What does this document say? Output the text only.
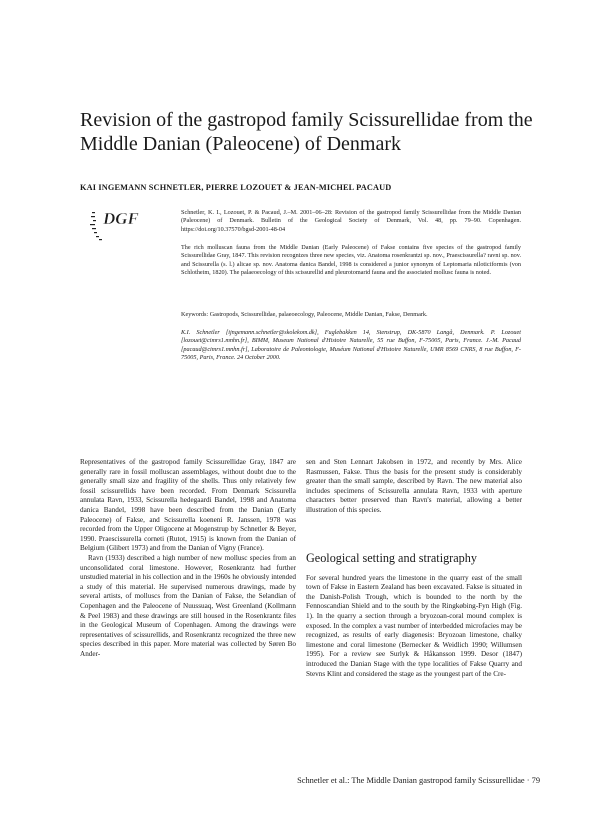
Revision of the gastropod family Scissurellidae from the Middle Danian (Paleocene) of Denmark
KAI INGEMANN SCHNETLER, PIERRE LOZOUET & JEAN-MICHEL PACAUD
DGF	Schnetler, K. I., Lozouet, P. & Pacaud, J.–M. 2001–06–28: Revision of the gastropod family Scissurellidae from the Middle Danian (Paleocene) of Denmark. Bulletin of the Geological Society of Denmark, Vol. 48, pp. 79–90. Copenhagen. https://doi.org/10.37570/bgsd-2001-48-04

The rich molluscan fauna from the Middle Danian (Early Paleocene) of Fakse contains five species of the gastropod family Scissurellidae Gray, 1847. This revision recognizes three new species, viz. Anatoma rosenkrantzi sp. nov., Praescissurella? ravni sp. nov. and Scissurella (s. l.) alicae sp. nov. Anatoma danica Bandel, 1998 is considered a junior synonym of Leptomaria niloticiformis (von Schlotheim, 1820). The palaeoecology of this scissurellid and pleurotomarid fauna and the associated mollusc fauna is noted.

Keywords: Gastropods, Scissurellidae, palaeoecology, Paleocene, Middle Danian, Fakse, Denmark.

K.I. Schnetler [ijngemann.schnetler@skolekom.dk], Fuglebakken 14, Stenstrup, DK-5870 Langå, Denmark. P. Lozouet [lozouet@cimrs1.mnhn.fr], BIMM, Museum National d'Histoire Naturelle, 55 rue Buffon, F-75005, Paris, France. J.-M. Pacaud [pacaud@cimrs1.mnhn.fr], Laboratoire de Paleontologie, Muséum National d'Histoire Naturelle, UMR 8569 CNRS, 8 rue Buffon, F-75005, Paris, France. 24 October 2000.

Representatives of the gastropod family Scissurellidae Gray, 1847 are generally rare in fossil molluscan assemblages, without doubt due to the generally small size and fragility of the shells. Thus only relatively few fossil scissurellids have been recorded. From Denmark Scissurella annulata Ravn, 1933, Scissurella hedegaardi Bandel, 1998 and Anatoma danica Bandel, 1998 have been described from the Danian (Early Paleocene) of Fakse, and Scissurella koeneni R. Janssen, 1978 was recorded from the Upper Oligocene at Mogenstrup by Schnetler & Beyer, 1990. Praescissurella corneti (Rutot, 1915) is known from the Danian of Belgium (Glibert 1973) and from the Danian of Vigny (France).

Ravn (1933) described a high number of new mollusc species from an unconsolidated coral limestone. However, Rosenkrantz had further unstudied material in his collection and in the 1960s he obviously intended a study of this material. He supervised numerous drawings, made by several artists, of molluscs from the Danian of Fakse, the Selandian of Copenhagen and the Paleocene of Nuussuaq, West Greenland (Kollmann & Peel 1983) and these drawings are still housed in the Rosenkrantz files in the Geological Museum of Copenhagen. Among the drawings were representatives of scissurellids, and Rosenkrantz recognized the three new species described in this paper. More material was collected by Søren Bo Ander-

sen and Sten Lennart Jakobsen in 1972, and recently by Mrs. Alice Rasmussen, Fakse. Thus the basis for the present study is considerably greater than the small sample, described by Ravn. The new material also includes specimens of Scissurella annulata Ravn, 1933 with aperture characters better preserved than Ravn's material, allowing a better illustration of this species.

Geological setting and stratigraphy

For several hundred years the limestone in the quarry east of the small town of Fakse in Eastern Zealand has been excavated. Fakse is situated in the Danish-Polish Trough, which is bounded to the north by the Fennoscandian Shield and to the south by the Ringkøbing-Fyn High (Fig. 1). In the quarry a section through a bryozoan-coral mound complex is exposed. In the complex a vast number of interbedded microfacies may be recognized, as results of early diagenesis: Bryozoan limestone, chalky limestone and coral limestone (Bernecker & Weidlich 1990; Willumsen 1995). For a review see Surlyk & Håkansson 1999. Desor (1847) introduced the Danian Stage with the type localities of Fakse Quarry and Stevns Klint and considered the stage as the youngest part of the Cre-

Schnetler et al.: The Middle Danian gastropod family Scissurellidae · 79
